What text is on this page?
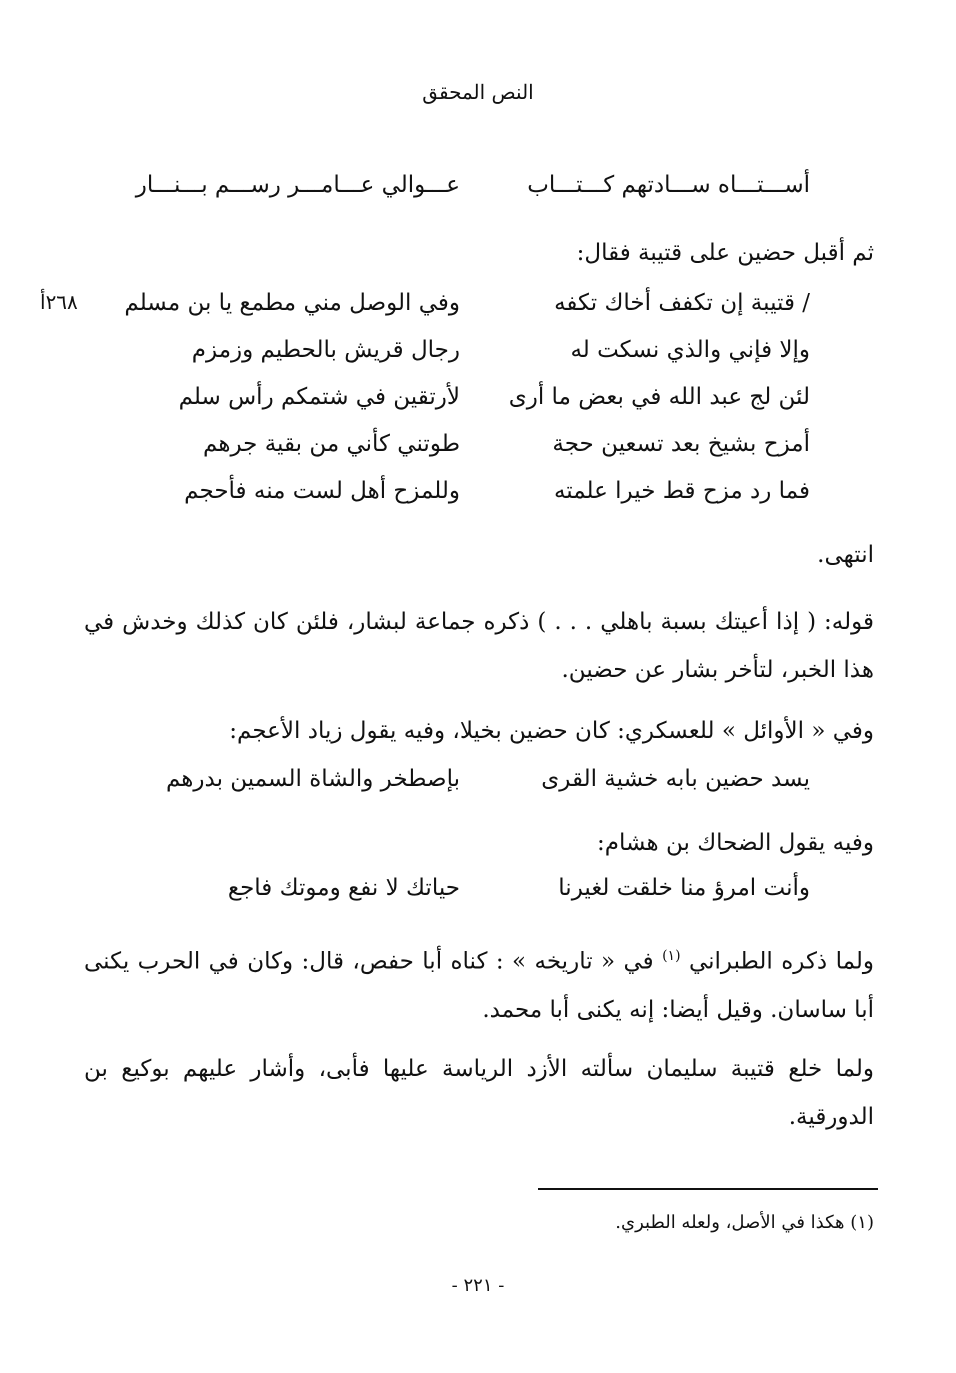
النص المحقق
أســـتـــاه ســـادتهم كـــتـــاب
عـــوالي عـــامـــر رســـم بـــنـــار
ثم أقبل حضين على قتيبة فقال:
٢٦٨أ	/ قتيبة إن تكفف أخاك تكفه
وفي الوصل مني مطمع يا بن مسلم
وإلا فإني والذي نسكت له
رجال قريش بالحطيم وزمزم
لئن لج عبد الله في بعض ما أرى
لأرتقين في شتمكم رأس سلم
أمزح بشيخ بعد تسعين حجة
طوتني كأني من بقية جرهم
فما رد مزح قط خيرا علمته
وللمزح أهل لست منه فأحجم
انتهى.
قوله: ( إذا أعيتك بسبة باهلي . . . ) ذكره جماعة لبشار، فلئن كان كذلك وخدش في هذا الخبر، لتأخر بشار عن حضين.
وفي « الأوائل » للعسكري: كان حضين بخيلا، وفيه يقول زياد الأعجم:
يسد حضين بابه خشية القرى
بإصطخر والشاة السمين بدرهم
وفيه يقول الضحاك بن هشام:
وأنت امرؤ منا خلقت لغيرنا
حياتك لا نفع وموتك فاجع
ولما ذكره الطبراني $^{(١)}$ في « تاريخه » : كناه أبا حفص، قال: وكان في الحرب يكنى أبا ساسان. وقيل أيضا: إنه يكنى أبا محمد.
ولما خلع قتيبة سليمان سألته الأزد الرياسة عليها فأبى، وأشار عليهم بوكيع بن الدورقية.
(١) هكذا في الأصل، ولعله الطبري.
- ٢٢١ -
